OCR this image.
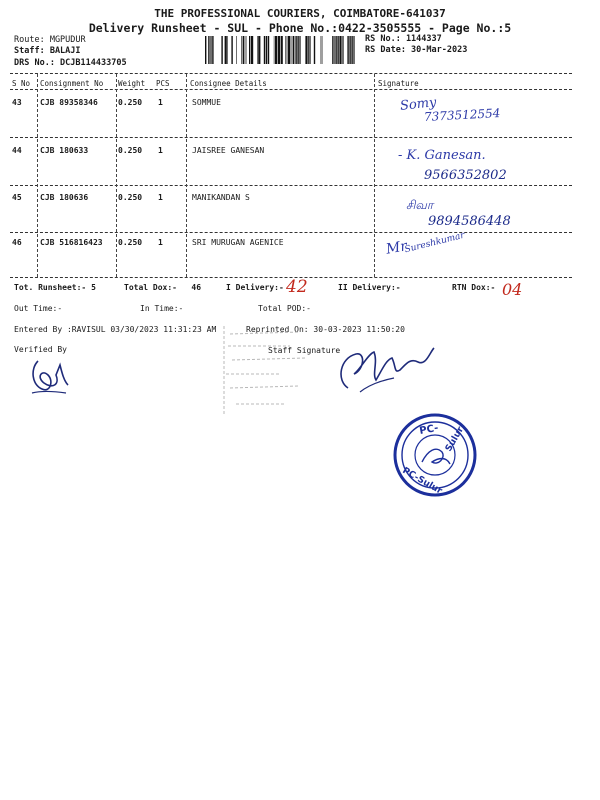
THE PROFESSIONAL COURIERS, COIMBATORE-641037
Delivery Runsheet - SUL - Phone No.:0422-3505555 - Page No.:5
Route: MGPUDUR
Staff: BALAJI
DRS No.: DCJB114433705
RS No.: 1144337
RS Date: 30-Mar-2023
S No Consignment No Weight PCS	Consignee Details	Signature
43 CJB 89358346	0.250 1	SOMMUE	Somy
7373512554
44 CJB 180633	0.250 1	JAISREE GANESAN	- K. Ganesan.
9566352802
45 CJB 180636	0.250 1	MANIKANDAN S
சிவா
9894586448
46 CJB 516816423 0.250 1	SRI MURUGAN AGENICE	Mr
Sureshkumar
Tot. Runsheet:- 5	Total Dox:-   46	I Delivery:- 42	II Delivery:-	RTN Dox:- 04
Out Time:-	In Time:-	Total POD:-
Entered By :RAVISUL 03/30/2023 11:31:23 AM	Reprinted On: 30-03-2023 11:50:20
Verified By	Staff Signature
PC- Sulur
PC-Sulur
